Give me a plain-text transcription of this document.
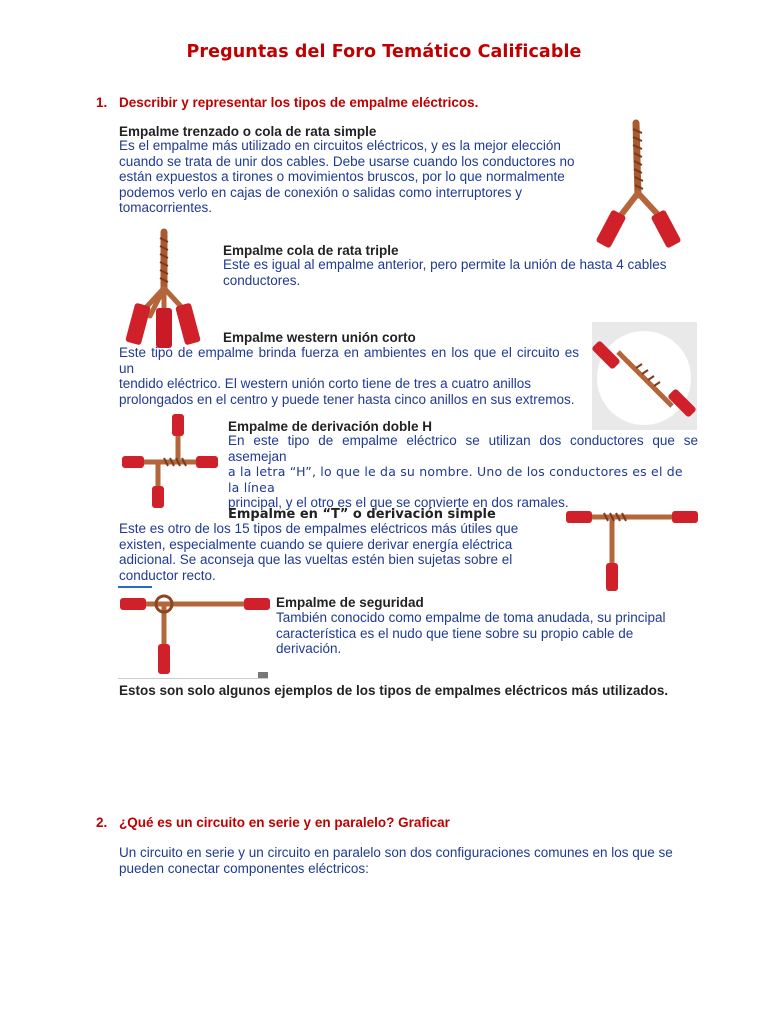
Preguntas del Foro Temático Calificable
1. Describir y representar los tipos de empalme eléctricos.
Empalme trenzado o cola de rata simple
Es el empalme más utilizado en circuitos eléctricos, y es la mejor elección
cuando se trata de unir dos cables. Debe usarse cuando los conductores no
están expuestos a tirones o movimientos bruscos, por lo que normalmente
podemos verlo en cajas de conexión o salidas como interruptores y
tomacorrientes.
Empalme cola de rata triple
Este es igual al empalme anterior, pero permite la unión de hasta 4 cables
conductores.
Empalme western unión corto
Este tipo de empalme brinda fuerza en ambientes en los que el circuito es un
tendido eléctrico. El western unión corto tiene de tres a cuatro anillos
prolongados en el centro y puede tener hasta cinco anillos en sus extremos.
Empalme de derivación doble H
En este tipo de empalme eléctrico se utilizan dos conductores que se asemejan
a la letra “H”, lo que le da su nombre. Uno de los conductores es el de la línea
principal, y el otro es el que se convierte en dos ramales.
Empalme en “T” o derivación simple
Este es otro de los 15 tipos de empalmes eléctricos más útiles que
existen, especialmente cuando se quiere derivar energía eléctrica
adicional. Se aconseja que las vueltas estén bien sujetas sobre el
conductor recto.
Empalme de seguridad
También conocido como empalme de toma anudada, su principal
característica es el nudo que tiene sobre su propio cable de derivación.
Estos son solo algunos ejemplos de los tipos de empalmes eléctricos más utilizados.
2. ¿Qué es un circuito en serie y en paralelo? Graficar
Un circuito en serie y un circuito en paralelo son dos configuraciones comunes en los que se
pueden conectar componentes eléctricos:
